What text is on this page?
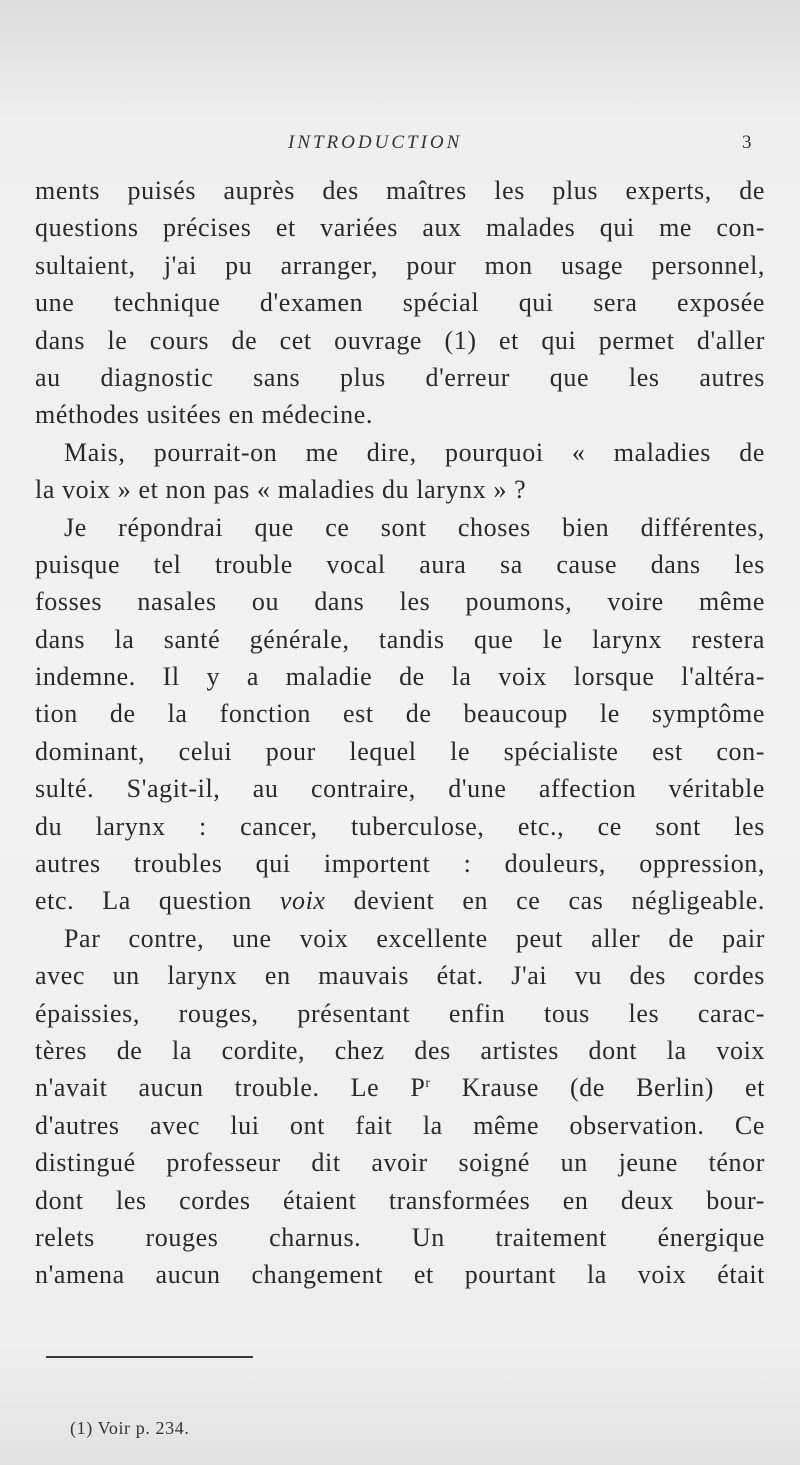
INTRODUCTION	3
ments puisés auprès des maîtres les plus experts, de
questions précises et variées aux malades qui me con-
sultaient, j'ai pu arranger, pour mon usage personnel,
une technique d'examen spécial qui sera exposée
dans le cours de cet ouvrage (1) et qui permet d'aller
au diagnostic sans plus d'erreur que les autres
méthodes usitées en médecine.
Mais, pourrait-on me dire, pourquoi « maladies de
la voix » et non pas « maladies du larynx » ?
Je répondrai que ce sont choses bien différentes,
puisque tel trouble vocal aura sa cause dans les
fosses nasales ou dans les poumons, voire même
dans la santé générale, tandis que le larynx restera
indemne. Il y a maladie de la voix lorsque l'altéra-
tion de la fonction est de beaucoup le symptôme
dominant, celui pour lequel le spécialiste est con-
sulté. S'agit-il, au contraire, d'une affection véritable
du larynx : cancer, tuberculose, etc., ce sont les
autres troubles qui importent : douleurs, oppression,
etc. La question voix devient en ce cas négligeable.
Par contre, une voix excellente peut aller de pair
avec un larynx en mauvais état. J'ai vu des cordes
épaissies, rouges, présentant enfin tous les carac-
tères de la cordite, chez des artistes dont la voix
n'avait aucun trouble. Le $P^r$ Krause (de Berlin) et
d'autres avec lui ont fait la même observation. Ce
distingué professeur dit avoir soigné un jeune ténor
dont les cordes étaient transformées en deux bour-
relets rouges charnus. Un traitement énergique
n'amena aucun changement et pourtant la voix était
(1) Voir p. 234.
